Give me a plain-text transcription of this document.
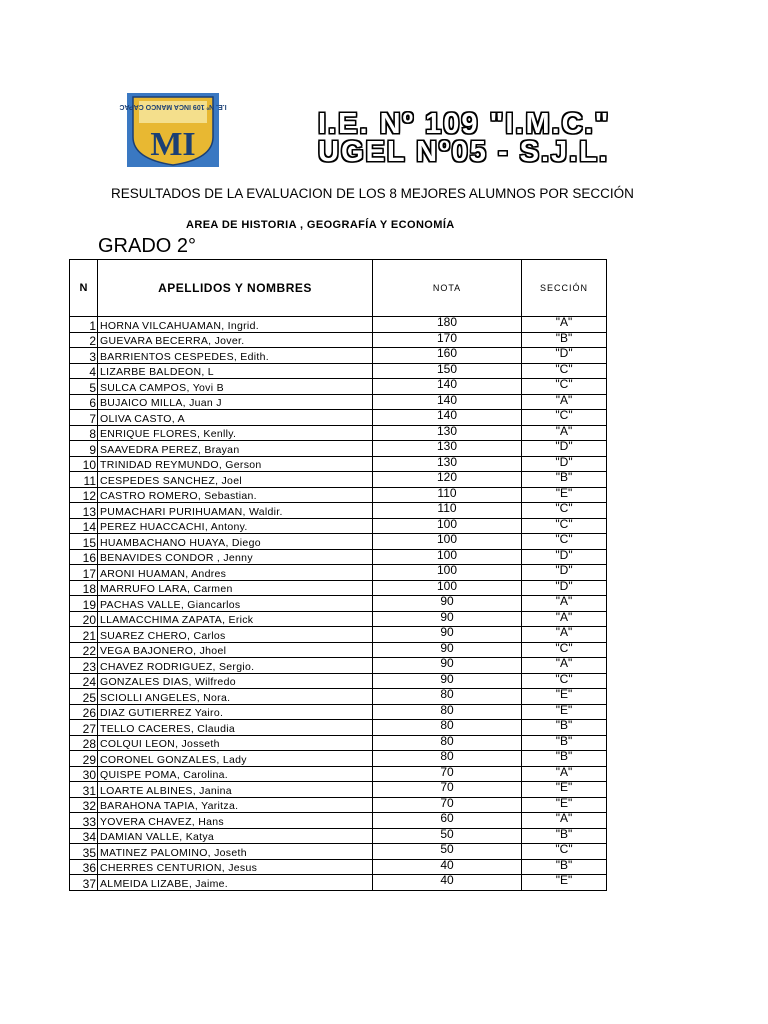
I.E. Nº 109 INCA MANCO CAPAC
MI
I.E. Nº 109 "I.M.C."
UGEL Nº05 - S.J.L.
RESULTADOS DE LA EVALUACION DE LOS 8 MEJORES ALUMNOS POR SECCIÓN
AREA DE HISTORIA , GEOGRAFÍA Y ECONOMÍA
GRADO 2°
N	APELLIDOS Y NOMBRES	NOTA	SECCIÓN
1	HORNA VILCAHUAMAN, Ingrid.	180	"A"
2	GUEVARA BECERRA, Jover.	170	"B"
3	BARRIENTOS CESPEDES, Edith.	160	"D"
4	LIZARBE BALDEON, L	150	"C"
5	SULCA CAMPOS, Yovi B	140	"C"
6	BUJAICO MILLA, Juan J	140	"A"
7	OLIVA CASTO, A	140	"C"
8	ENRIQUE FLORES, Kenlly.	130	"A"
9	SAAVEDRA PEREZ, Brayan	130	"D"
10	TRINIDAD REYMUNDO, Gerson	130	"D"
11	CESPEDES SANCHEZ, Joel	120	"B"
12	CASTRO ROMERO, Sebastian.	110	"E"
13	PUMACHARI PURIHUAMAN, Waldir.	110	"C"
14	PEREZ HUACCACHI, Antony.	100	"C"
15	HUAMBACHANO HUAYA, Diego	100	"C"
16	BENAVIDES CONDOR , Jenny	100	"D"
17	ARONI HUAMAN, Andres	100	"D"
18	MARRUFO LARA, Carmen	100	"D"
19	PACHAS VALLE, Giancarlos	90	"A"
20	LLAMACCHIMA ZAPATA, Erick	90	"A"
21	SUAREZ CHERO, Carlos	90	"A"
22	VEGA BAJONERO, Jhoel	90	"C"
23	CHAVEZ RODRIGUEZ, Sergio.	90	"A"
24	GONZALES DIAS, Wilfredo	90	"C"
25	SCIOLLI ANGELES, Nora.	80	"E"
26	DIAZ GUTIERREZ Yairo.	80	"E"
27	TELLO CACERES, Claudia	80	"B"
28	COLQUI LEON, Josseth	80	"B"
29	CORONEL GONZALES, Lady	80	"B"
30	QUISPE POMA, Carolina.	70	"A"
31	LOARTE ALBINES, Janina	70	"E"
32	BARAHONA TAPIA, Yaritza.	70	"E"
33	YOVERA CHAVEZ, Hans	60	"A"
34	DAMIAN VALLE, Katya	50	"B"
35	MATINEZ PALOMINO, Joseth	50	"C"
36	CHERRES CENTURION, Jesus	40	"B"
37	ALMEIDA LIZABE, Jaime.	40	"E"
